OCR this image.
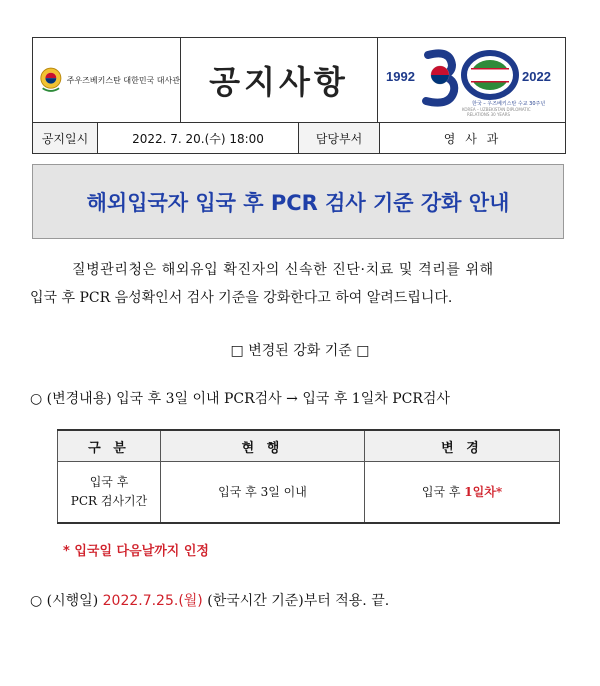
주우즈베키스탄 대한민국 대사관 공지사항	1992	2022
한국 – 우즈베키스탄 수교 30주년
KOREA – UZBEKISTAN DIPLOMATIC
RELATIONS 30 YEARS
공지일시	2022. 7. 20.(수) 18:00	담당부서	영 사 과
해외입국자 입국 후 PCR 검사 기준 강화 안내
질병관리청은 해외유입 확진자의 신속한 진단·치료 및 격리를 위해
입국 후 PCR 음성확인서 검사 기준을 강화한다고 하여 알려드립니다.
□ 변경된 강화 기준 □
○ (변경내용) 입국 후 3일 이내 PCR검사 → 입국 후 1일차 PCR검사
구 분	현 행	변 경
입국 후
PCR 검사기간	입국 후 3일 이내	입국 후 1일차*
* 입국일 다음날까지 인정
○ (시행일) 2022.7.25.(월) (한국시간 기준)부터 적용. 끝.
